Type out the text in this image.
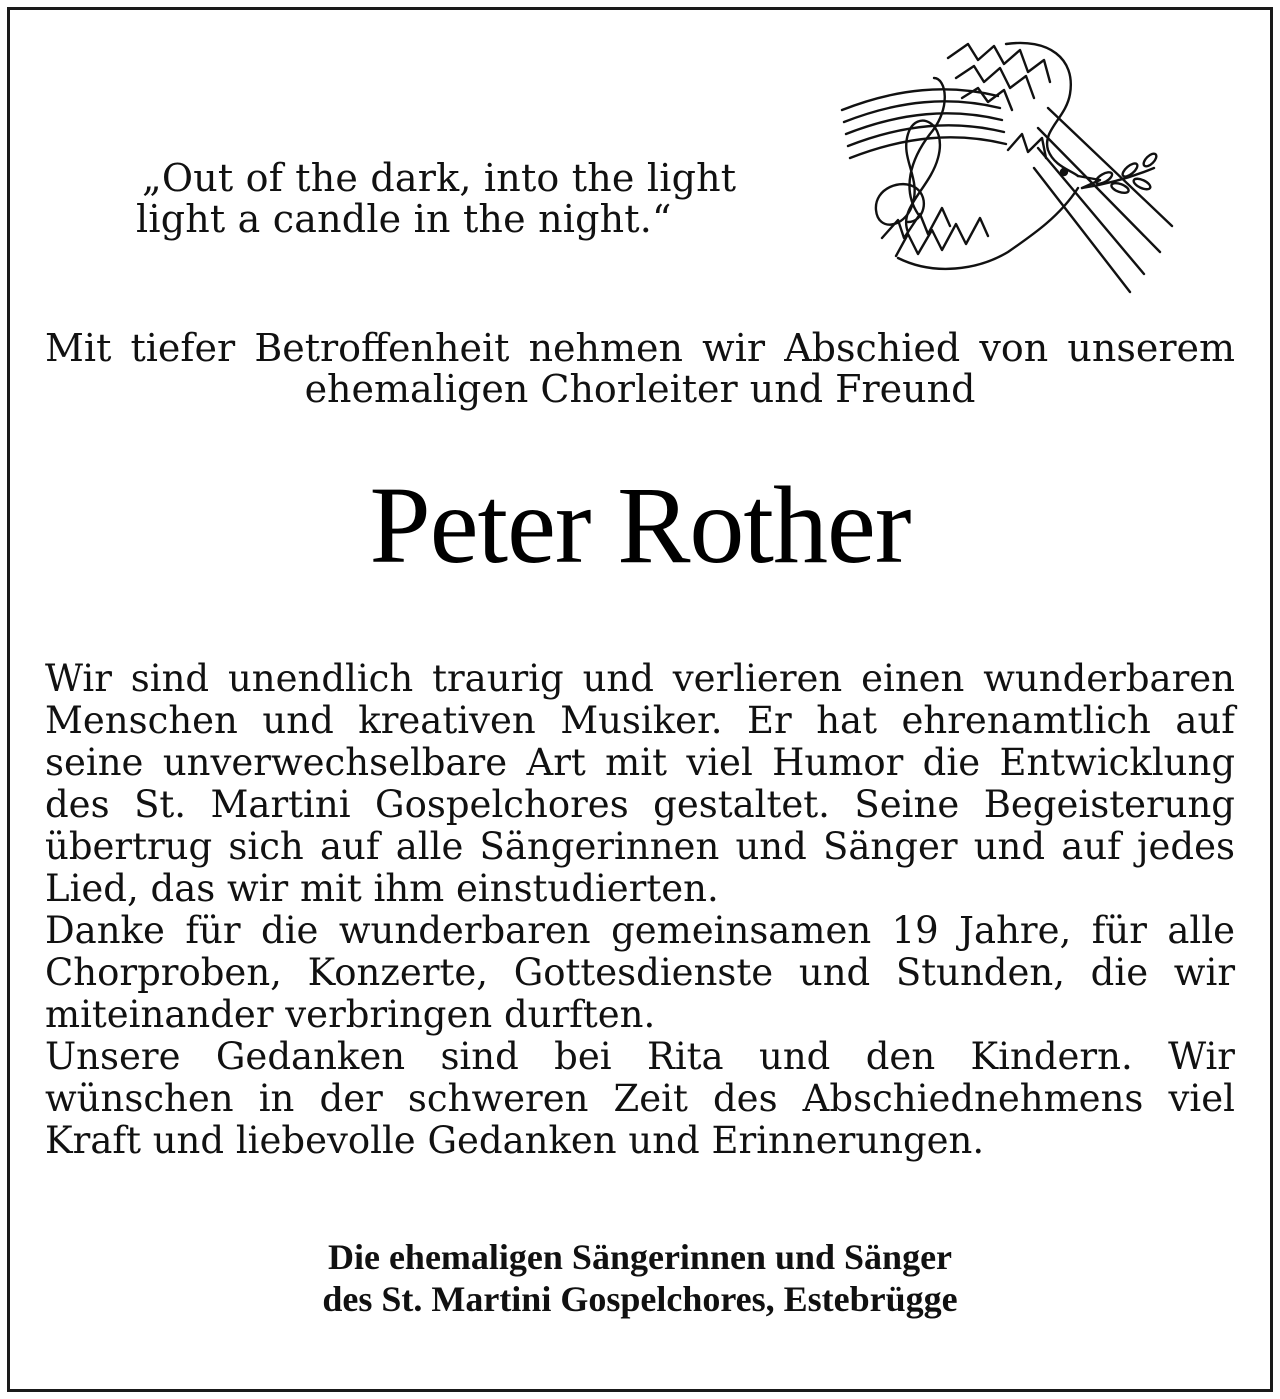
„Out of the dark, into the light
light a candle in the night.“
Mit tiefer Betroffenheit nehmen wir Abschied von unserem
ehemaligen Chorleiter und Freund
Peter Rother

Wir sind unendlich traurig und verlieren einen wunderbaren Menschen und kreativen Musiker. Er hat ehrenamtlich auf seine unverwechselbare Art mit viel Humor die Entwicklung des St. Martini Gospelchores gestaltet. Seine Begeisterung übertrug sich auf alle Sängerinnen und Sänger und auf jedes Lied, das wir mit ihm einstudierten.

Danke für die wunderbaren gemeinsamen 19 Jahre, für alle Chorproben, Konzerte, Gottesdienste und Stunden, die wir miteinander verbringen durften.

Unsere Gedanken sind bei Rita und den Kindern. Wir wünschen in der schweren Zeit des Abschiednehmens viel Kraft und liebevolle Gedanken und Erinnerungen.

Die ehemaligen Sängerinnen und Sänger
des St. Martini Gospelchores, Estebrügge
